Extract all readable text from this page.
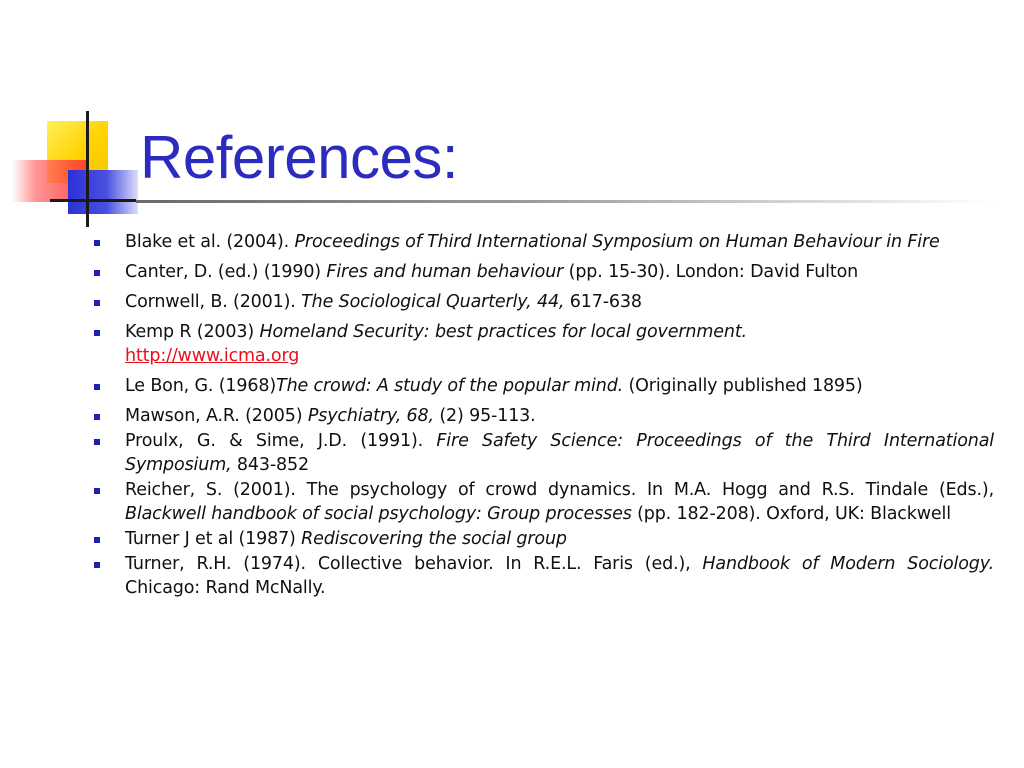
References:
Blake et al. (2004). Proceedings of Third International Symposium on Human Behaviour in Fire
Canter, D. (ed.) (1990) Fires and human behaviour (pp. 15-30). London: David Fulton
Cornwell, B. (2001). The Sociological Quarterly, 44, 617-638
Kemp R (2003) Homeland Security: best practices for local government.
http://www.icma.org
Le Bon, G. (1968)The crowd: A study of the popular mind. (Originally published 1895)
Mawson, A.R. (2005) Psychiatry, 68, (2) 95-113.
Proulx, G. & Sime, J.D. (1991). Fire Safety Science: Proceedings of the Third International Symposium, 843-852
Reicher, S. (2001). The psychology of crowd dynamics. In M.A. Hogg and R.S. Tindale (Eds.), Blackwell handbook of social psychology: Group processes (pp. 182-208). Oxford, UK: Blackwell
Turner J et al (1987) Rediscovering the social group
Turner, R.H. (1974). Collective behavior. In R.E.L. Faris (ed.), Handbook of Modern Sociology. Chicago: Rand McNally.
